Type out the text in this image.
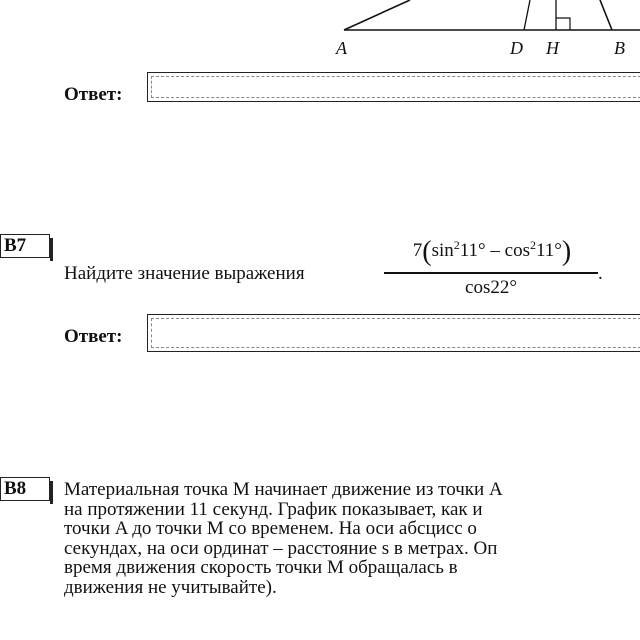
A	D H	B
Ответ:
B7
Найдите значение выражения
$7(\sin^211^\circ - \cos^211^\circ)$
cos22°
.
Ответ:
B8	Материальная точка M начинает движение из точки A
на протяжении 11 секунд. График показывает, как и
точки A до точки M со временем. На оси абсцисс о
секундах, на оси ординат – расстояние s в метрах. Оп
время движения скорость точки M обращалась в
движения не учитывайте).
